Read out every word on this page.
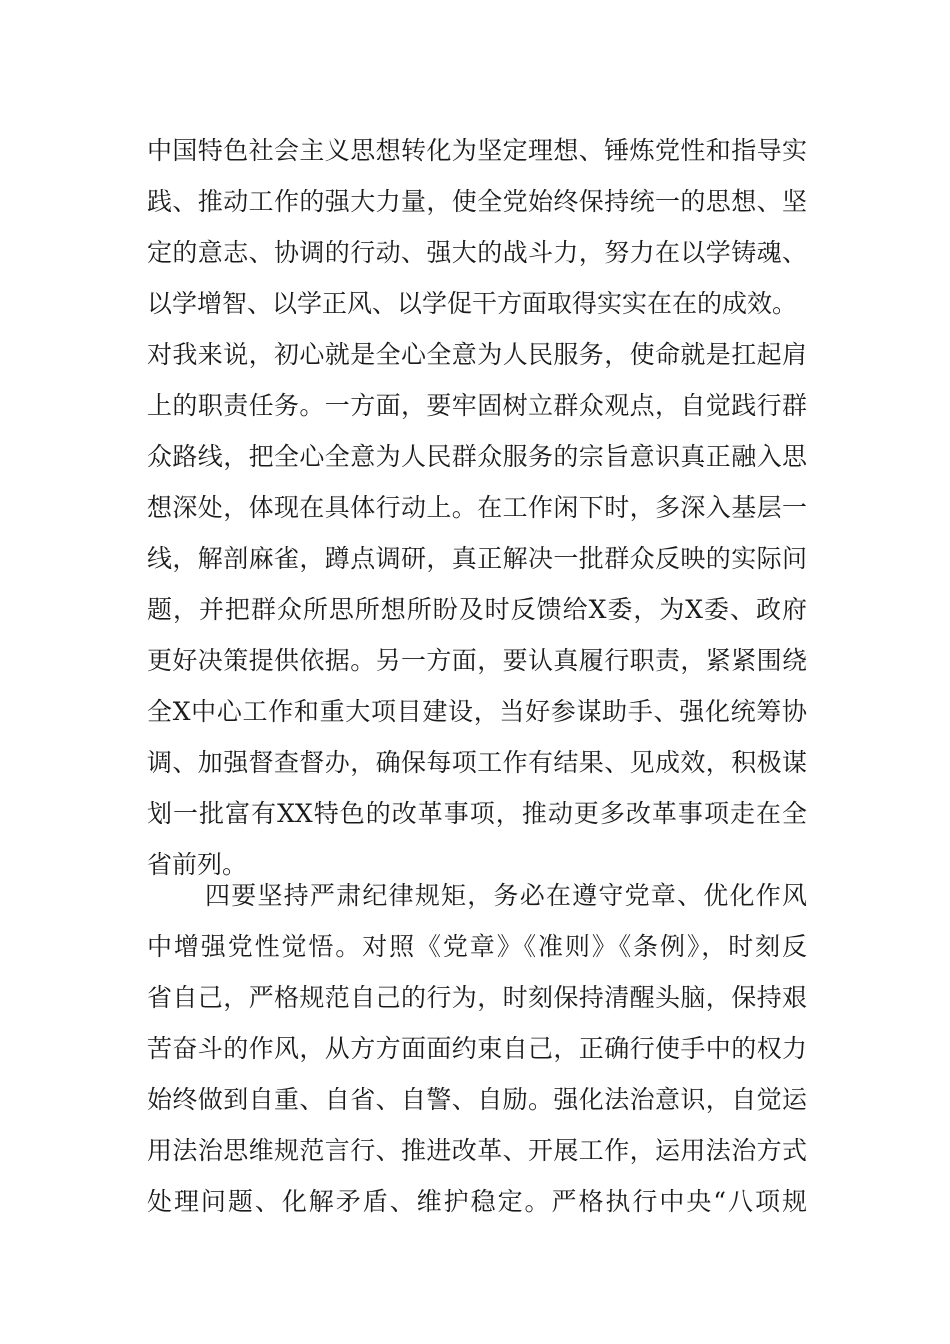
中国特色社会主义思想转化为坚定理想、锤炼党性和指导实
践、推动工作的强大力量，使全党始终保持统一的思想、坚
定的意志、协调的行动、强大的战斗力，努力在以学铸魂、
以学增智、以学正风、以学促干方面取得实实在在的成效。
对我来说，初心就是全心全意为人民服务，使命就是扛起肩
上的职责任务。一方面，要牢固树立群众观点，自觉践行群
众路线，把全心全意为人民群众服务的宗旨意识真正融入思
想深处，体现在具体行动上。在工作闲下时，多深入基层一
线，解剖麻雀，蹲点调研，真正解决一批群众反映的实际问
题，并把群众所思所想所盼及时反馈给X委，为X委、政府
更好决策提供依据。另一方面，要认真履行职责，紧紧围绕
全X中心工作和重大项目建设，当好参谋助手、强化统筹协
调、加强督查督办，确保每项工作有结果、见成效，积极谋
划一批富有XX特色的改革事项，推动更多改革事项走在全
省前列。
四要坚持严肃纪律规矩，务必在遵守党章、优化作风
中增强党性觉悟。对照《党章》《准则》《条例》，时刻反
省自己，严格规范自己的行为，时刻保持清醒头脑，保持艰
苦奋斗的作风，从方方面面约束自己，正确行使手中的权力
始终做到自重、自省、自警、自励。强化法治意识，自觉运
用法治思维规范言行、推进改革、开展工作，运用法治方式
处理问题、化解矛盾、维护稳定。严格执行中央“八项规
